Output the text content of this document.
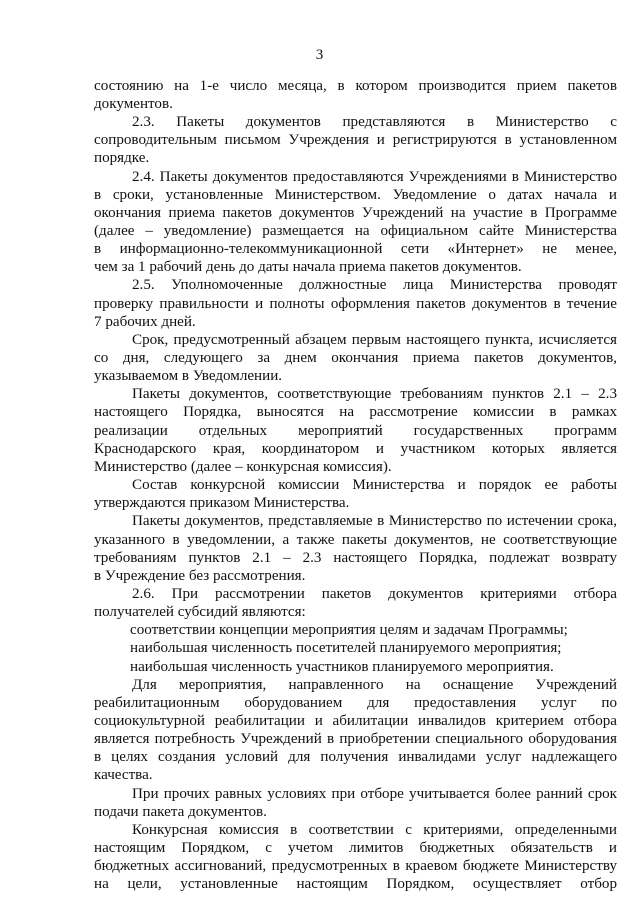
3
состоянию на 1-е число месяца, в котором производится прием пакетов
документов.
2.3. Пакеты документов представляются в Министерство с
сопроводительным письмом Учреждения и регистрируются в установленном
порядке.
2.4. Пакеты документов предоставляются Учреждениями в Министерство
в сроки, установленные Министерством. Уведомление о датах начала и
окончания приема пакетов документов Учреждений на участие в Программе
(далее – уведомление) размещается на официальном сайте Министерства
в информационно-телекоммуникационной сети «Интернет» не менее,
чем за 1 рабочий день до даты начала приема пакетов документов.
2.5. Уполномоченные должностные лица Министерства проводят
проверку правильности и полноты оформления пакетов документов в течение
7 рабочих дней.
Срок, предусмотренный абзацем первым настоящего пункта, исчисляется
со дня, следующего за днем окончания приема пакетов документов,
указываемом в Уведомлении.
Пакеты документов, соответствующие требованиям пунктов 2.1 – 2.3
настоящего Порядка, выносятся на рассмотрение комиссии в рамках
реализации отдельных мероприятий государственных программ
Краснодарского края, координатором и участником которых является
Министерство (далее – конкурсная комиссия).
Состав конкурсной комиссии Министерства и порядок ее работы
утверждаются приказом Министерства.
Пакеты документов, представляемые в Министерство по истечении срока,
указанного в уведомлении, а также пакеты документов, не соответствующие
требованиям пунктов 2.1 – 2.3 настоящего Порядка, подлежат возврату
в Учреждение без рассмотрения.
2.6. При рассмотрении пакетов документов критериями отбора
получателей субсидий являются:
соответствии концепции мероприятия целям и задачам Программы;
наибольшая численность посетителей планируемого мероприятия;
наибольшая численность участников планируемого мероприятия.
Для мероприятия, направленного на оснащение Учреждений
реабилитационным оборудованием для предоставления услуг по
социокультурной реабилитации и абилитации инвалидов критерием отбора
является потребность Учреждений в приобретении специального оборудования
в целях создания условий для получения инвалидами услуг надлежащего
качества.
При прочих равных условиях при отборе учитывается более ранний срок
подачи пакета документов.
Конкурсная комиссия в соответствии с критериями, определенными
настоящим Порядком, с учетом лимитов бюджетных обязательств и
бюджетных ассигнований, предусмотренных в краевом бюджете Министерству
на цели, установленные настоящим Порядком, осуществляет отбор
